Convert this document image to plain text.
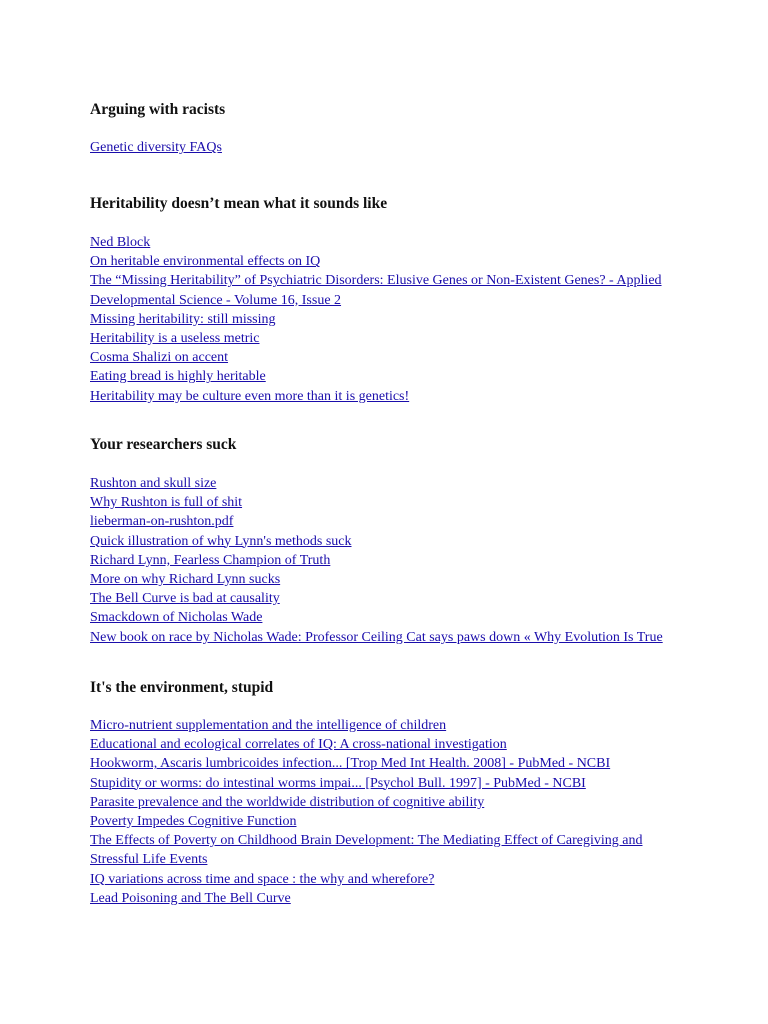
Arguing with racists
Genetic diversity FAQs
Heritability doesn’t mean what it sounds like
Ned Block
On heritable environmental effects on IQ
The “Missing Heritability” of Psychiatric Disorders: Elusive Genes or Non-Existent Genes? - Applied Developmental Science - Volume 16, Issue 2
Missing heritability: still missing
Heritability is a useless metric
Cosma Shalizi on accent
Eating bread is highly heritable
Heritability may be culture even more than it is genetics!
Your researchers suck
Rushton and skull size
Why Rushton is full of shit
lieberman-on-rushton.pdf
Quick illustration of why Lynn's methods suck
Richard Lynn, Fearless Champion of Truth
More on why Richard Lynn sucks
The Bell Curve is bad at causality
Smackdown of Nicholas Wade
New book on race by Nicholas Wade: Professor Ceiling Cat says paws down « Why Evolution Is True
It's the environment, stupid
Micro-nutrient supplementation and the intelligence of children
Educational and ecological correlates of IQ: A cross-national investigation
Hookworm, Ascaris lumbricoides infection... [Trop Med Int Health. 2008] - PubMed - NCBI
Stupidity or worms: do intestinal worms impai... [Psychol Bull. 1997] - PubMed - NCBI
Parasite prevalence and the worldwide distribution of cognitive ability
Poverty Impedes Cognitive Function
The Effects of Poverty on Childhood Brain Development: The Mediating Effect of Caregiving and Stressful Life Events
IQ variations across time and space : the why and wherefore?
Lead Poisoning and The Bell Curve
